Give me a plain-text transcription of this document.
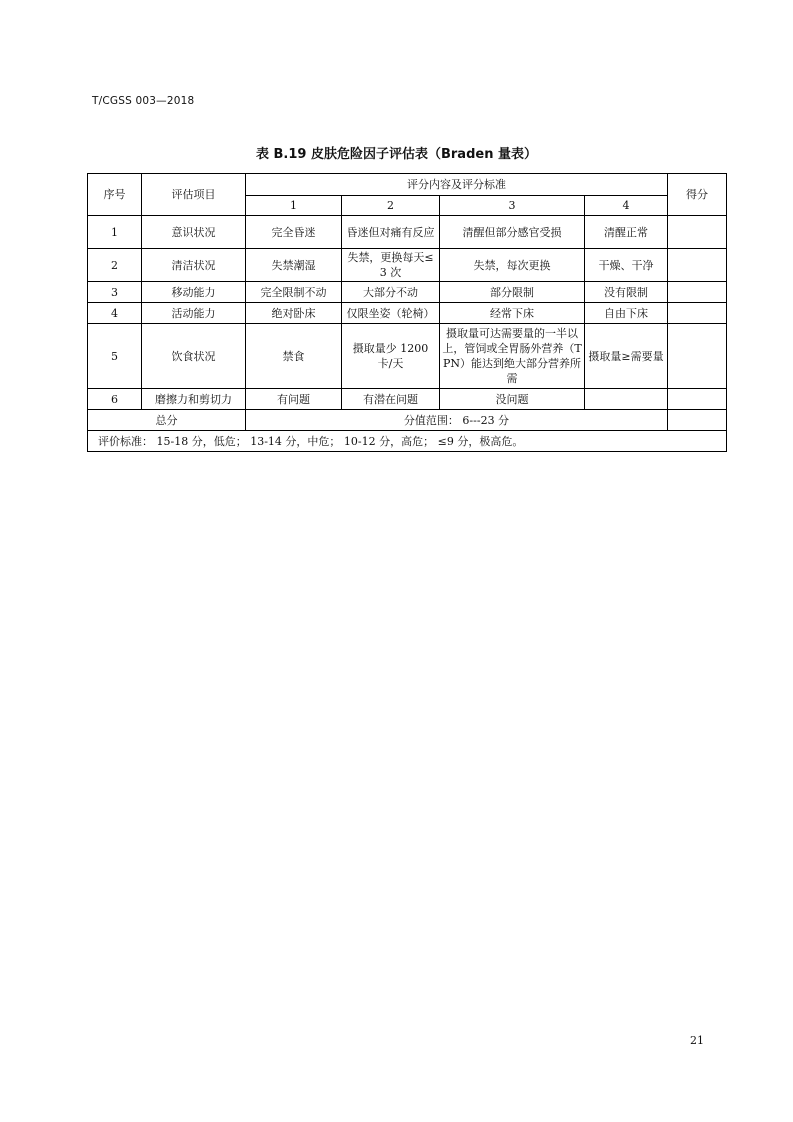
T/CGSS 003—2018
表 B.19 皮肤危险因子评估表（Braden 量表）
序号	评估项目	评分内容及评分标准				得分
		1	2	3	4	
1	意识状况	完全昏迷	昏迷但对痛有反应	清醒但部分感官受损	清醒正常	
2	清洁状况	失禁潮湿	失禁，更换每天≤3 次	失禁，每次更换	干燥、干净	
3	移动能力	完全限制不动	大部分不动	部分限制	没有限制	
4	活动能力	绝对卧床	仅限坐姿（轮椅）	经常下床	自由下床	
5	饮食状况	禁食	摄取量少 1200 卡/天	摄取量可达需要量的一半以上，管饲或全胃肠外营养（TPN）能达到绝大部分营养所需	摄取量≥需要量	
6	磨擦力和剪切力	有问题	有潜在问题	没问题		
总分		分值范围： 6---23 分				
评价标准： 15-18 分，低危； 13-14 分，中危； 10-12 分，高危； ≤9 分，极高危。						
21
